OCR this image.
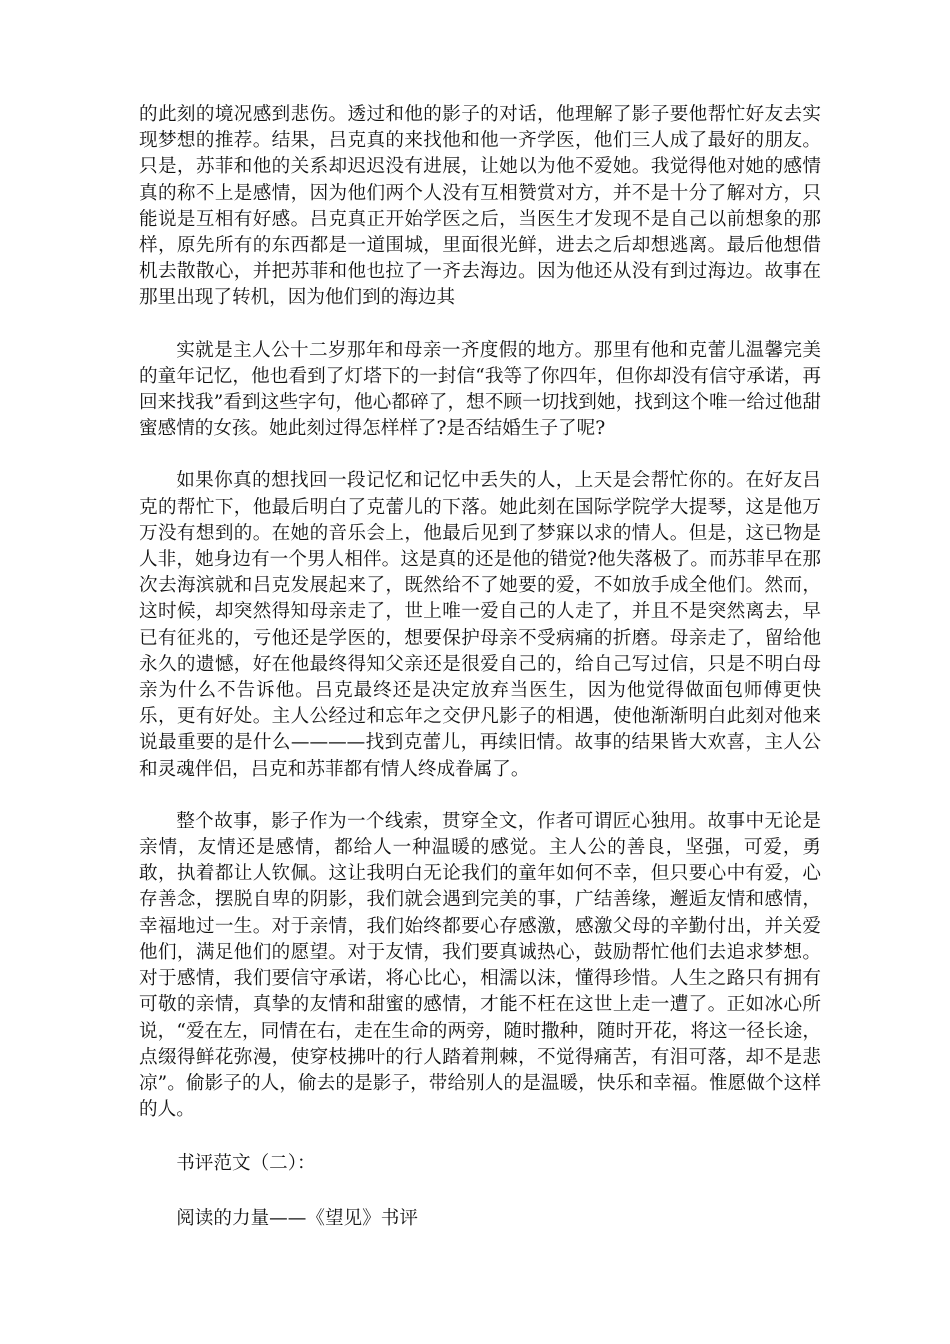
的此刻的境况感到悲伤。透过和他的影子的对话，他理解了影子要他帮忙好友去实现梦想的推荐。结果，吕克真的来找他和他一齐学医，他们三人成了最好的朋友。只是，苏菲和他的关系却迟迟没有进展，让她以为他不爱她。我觉得他对她的感情真的称不上是感情，因为他们两个人没有互相赞赏对方，并不是十分了解对方，只能说是互相有好感。吕克真正开始学医之后，当医生才发现不是自己以前想象的那样，原先所有的东西都是一道围城，里面很光鲜，进去之后却想逃离。最后他想借机去散散心，并把苏菲和他也拉了一齐去海边。因为他还从没有到过海边。故事在那里出现了转机，因为他们到的海边其

实就是主人公十二岁那年和母亲一齐度假的地方。那里有他和克蕾儿温馨完美的童年记忆，他也看到了灯塔下的一封信“我等了你四年，但你却没有信守承诺，再回来找我”看到这些字句，他心都碎了，想不顾一切找到她，找到这个唯一给过他甜蜜感情的女孩。她此刻过得怎样样了?是否结婚生子了呢?

如果你真的想找回一段记忆和记忆中丢失的人，上天是会帮忙你的。在好友吕克的帮忙下，他最后明白了克蕾儿的下落。她此刻在国际学院学大提琴，这是他万万没有想到的。在她的音乐会上，他最后见到了梦寐以求的情人。但是，这已物是人非，她身边有一个男人相伴。这是真的还是他的错觉?他失落极了。而苏菲早在那次去海滨就和吕克发展起来了，既然给不了她要的爱，不如放手成全他们。然而，这时候，却突然得知母亲走了，世上唯一爱自己的人走了，并且不是突然离去，早已有征兆的，亏他还是学医的，想要保护母亲不受病痛的折磨。母亲走了，留给他永久的遗憾，好在他最终得知父亲还是很爱自己的，给自己写过信，只是不明白母亲为什么不告诉他。吕克最终还是决定放弃当医生，因为他觉得做面包师傅更快乐，更有好处。主人公经过和忘年之交伊凡影子的相遇，使他渐渐明白此刻对他来说最重要的是什么————找到克蕾儿，再续旧情。故事的结果皆大欢喜，主人公和灵魂伴侣，吕克和苏菲都有情人终成眷属了。

整个故事，影子作为一个线索，贯穿全文，作者可谓匠心独用。故事中无论是亲情，友情还是感情，都给人一种温暖的感觉。主人公的善良，坚强，可爱，勇敢，执着都让人钦佩。这让我明白无论我们的童年如何不幸，但只要心中有爱，心存善念，摆脱自卑的阴影，我们就会遇到完美的事，广结善缘，邂逅友情和感情，幸福地过一生。对于亲情，我们始终都要心存感激，感激父母的辛勤付出，并关爱他们，满足他们的愿望。对于友情，我们要真诚热心，鼓励帮忙他们去追求梦想。对于感情，我们要信守承诺，将心比心，相濡以沫，懂得珍惜。人生之路只有拥有可敬的亲情，真挚的友情和甜蜜的感情，才能不枉在这世上走一遭了。正如冰心所说，“爱在左，同情在右，走在生命的两旁，随时撒种，随时开花，将这一径长途，点缀得鲜花弥漫，使穿枝拂叶的行人踏着荆棘，不觉得痛苦，有泪可落，却不是悲凉”。偷影子的人，偷去的是影子，带给别人的是温暖，快乐和幸福。惟愿做个这样的人。

书评范文（二）：

阅读的力量——《望见》书评
